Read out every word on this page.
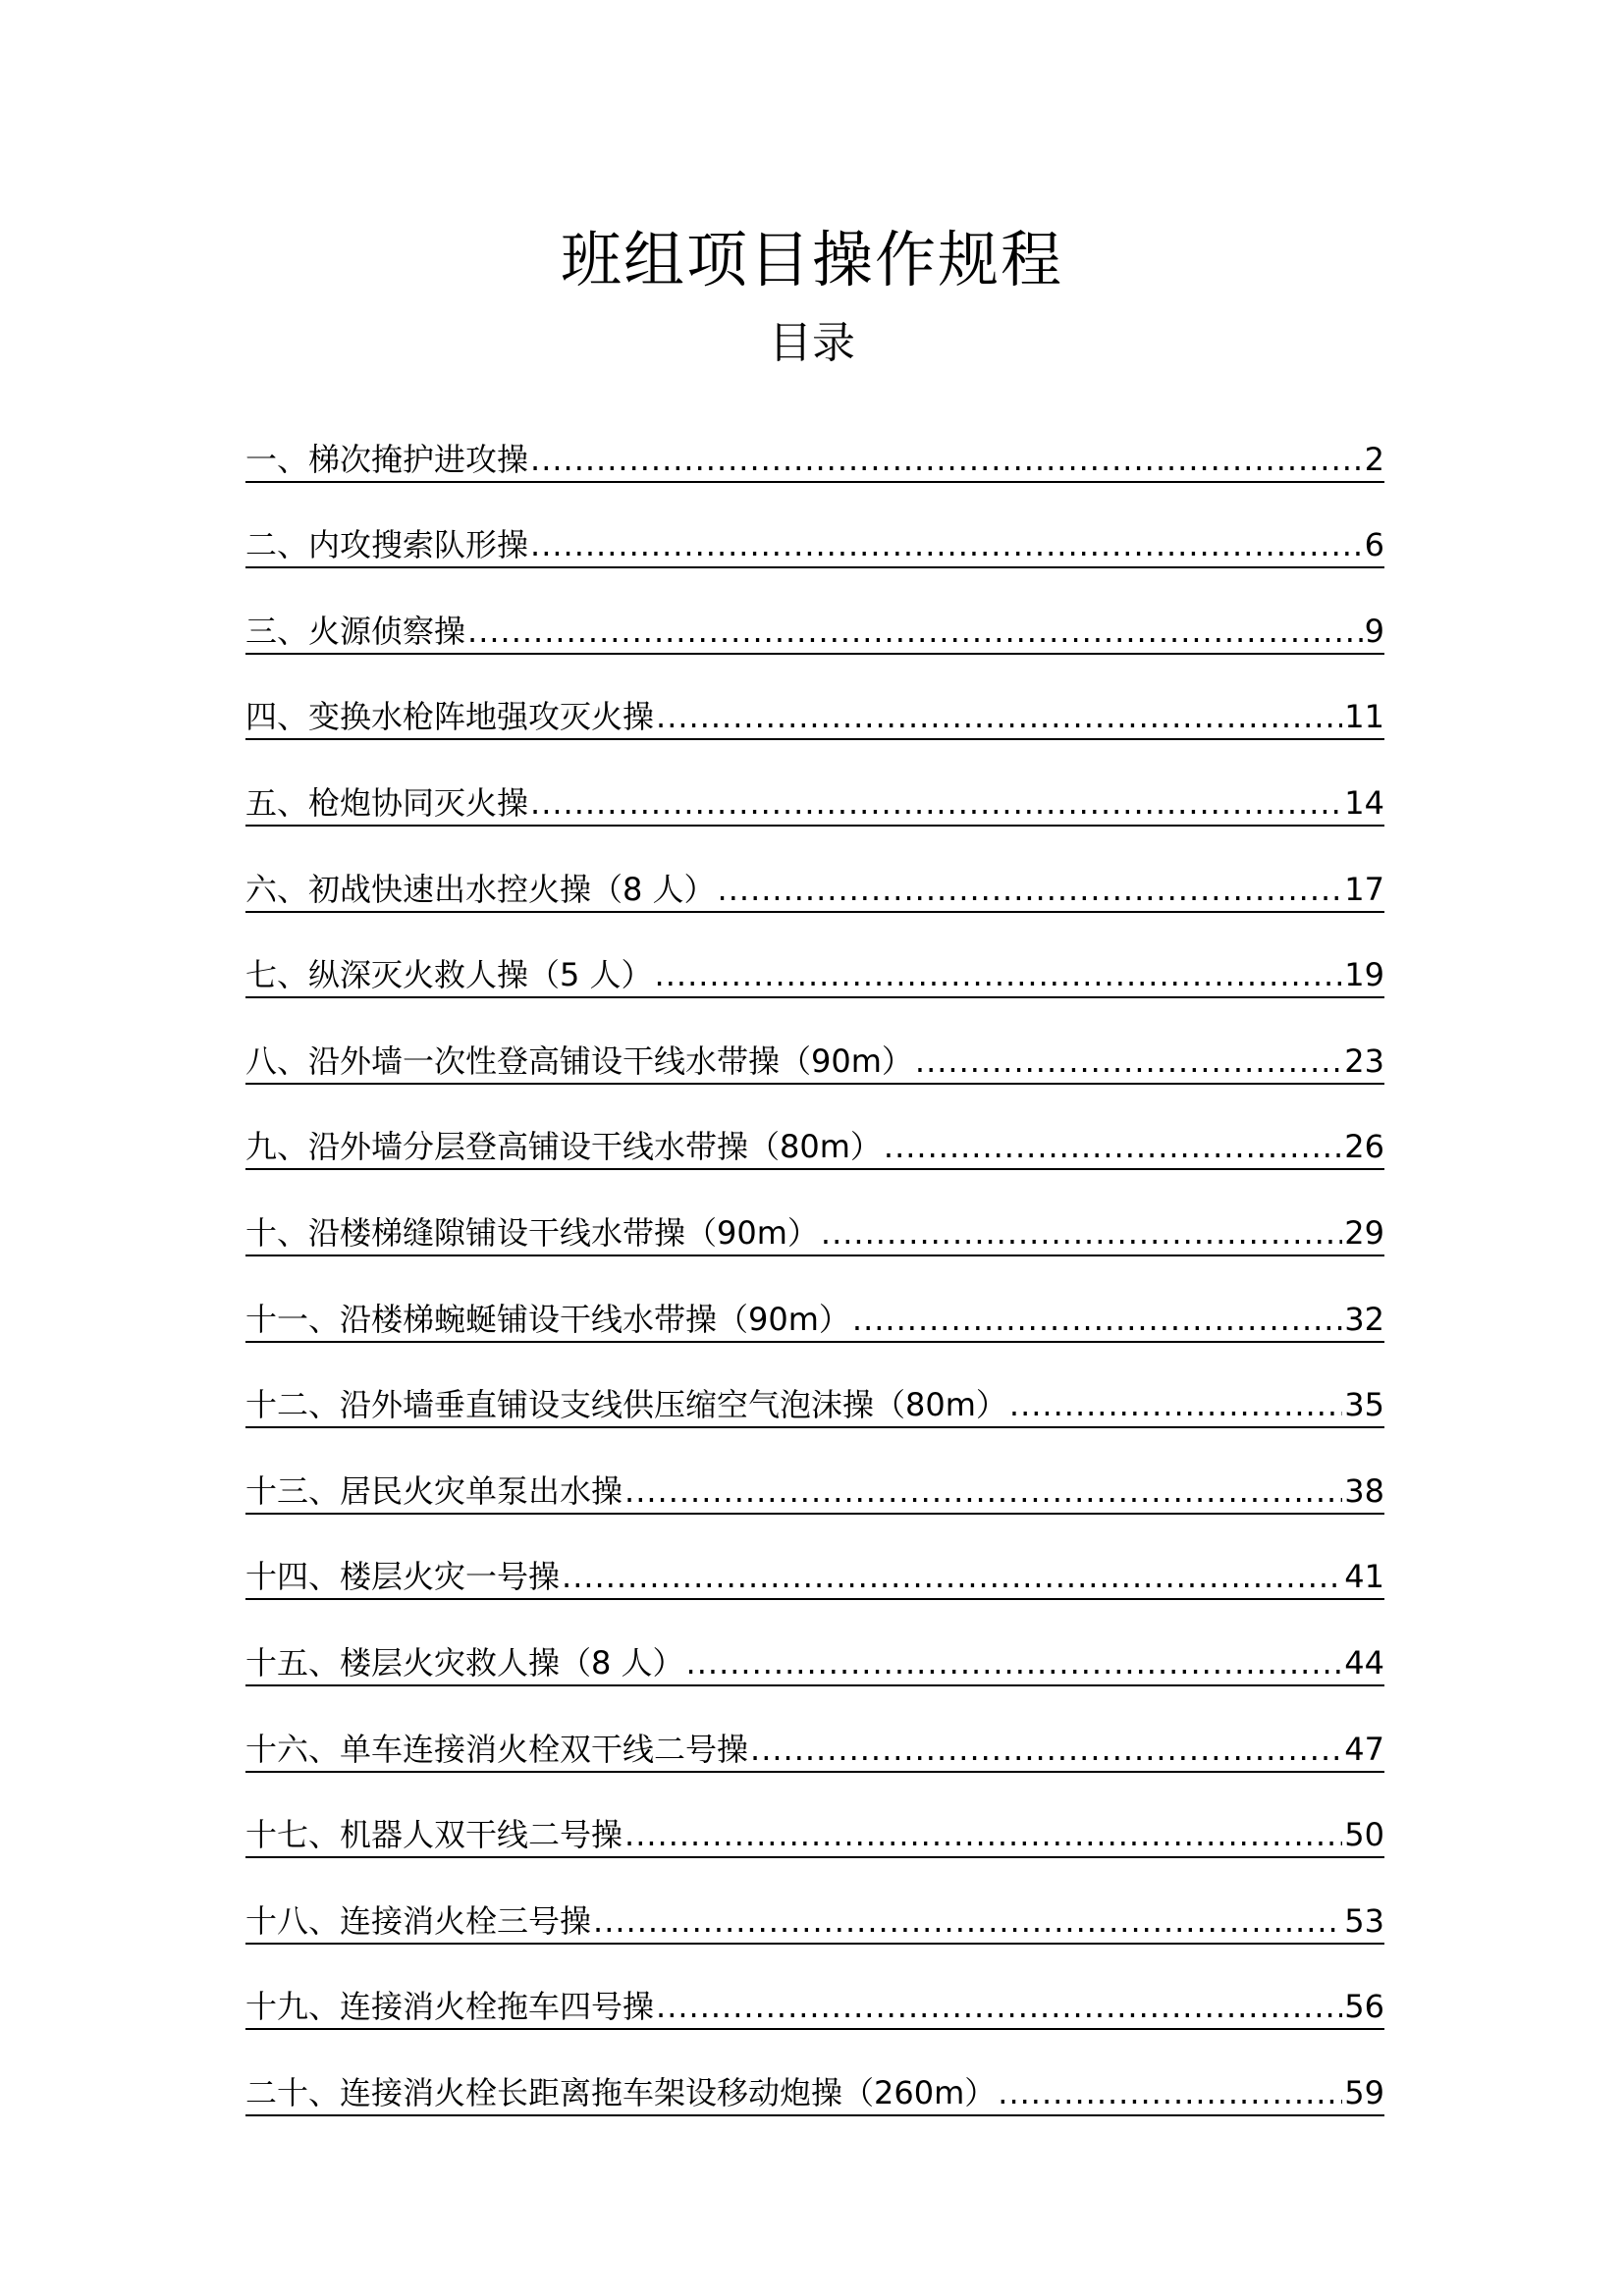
班组项目操作规程
目录
一、梯次掩护进攻操 .....	2
二、内攻搜索队形操 .....	6
三、火源侦察操 .....	9
四、变换水枪阵地强攻灭火操 .....	11
五、枪炮协同灭火操 .....	14
六、初战快速出水控火操（8 人） .....	17
七、纵深灭火救人操（5 人） .....	19
八、沿外墙一次性登高铺设干线水带操（90m） .....	23
九、沿外墙分层登高铺设干线水带操（80m） .....	26
十、沿楼梯缝隙铺设干线水带操（90m） .....	29
十一、沿楼梯蜿蜒铺设干线水带操（90m） .....	32
十二、沿外墙垂直铺设支线供压缩空气泡沫操（80m） .....	35
十三、居民火灾单泵出水操 .....	38
十四、楼层火灾一号操 .....	41
十五、楼层火灾救人操（8 人） .....	44
十六、单车连接消火栓双干线二号操 .....	47
十七、机器人双干线二号操 .....	50
十八、连接消火栓三号操 .....	53
十九、连接消火栓拖车四号操 .....	56
二十、连接消火栓长距离拖车架设移动炮操（260m） .....	59
